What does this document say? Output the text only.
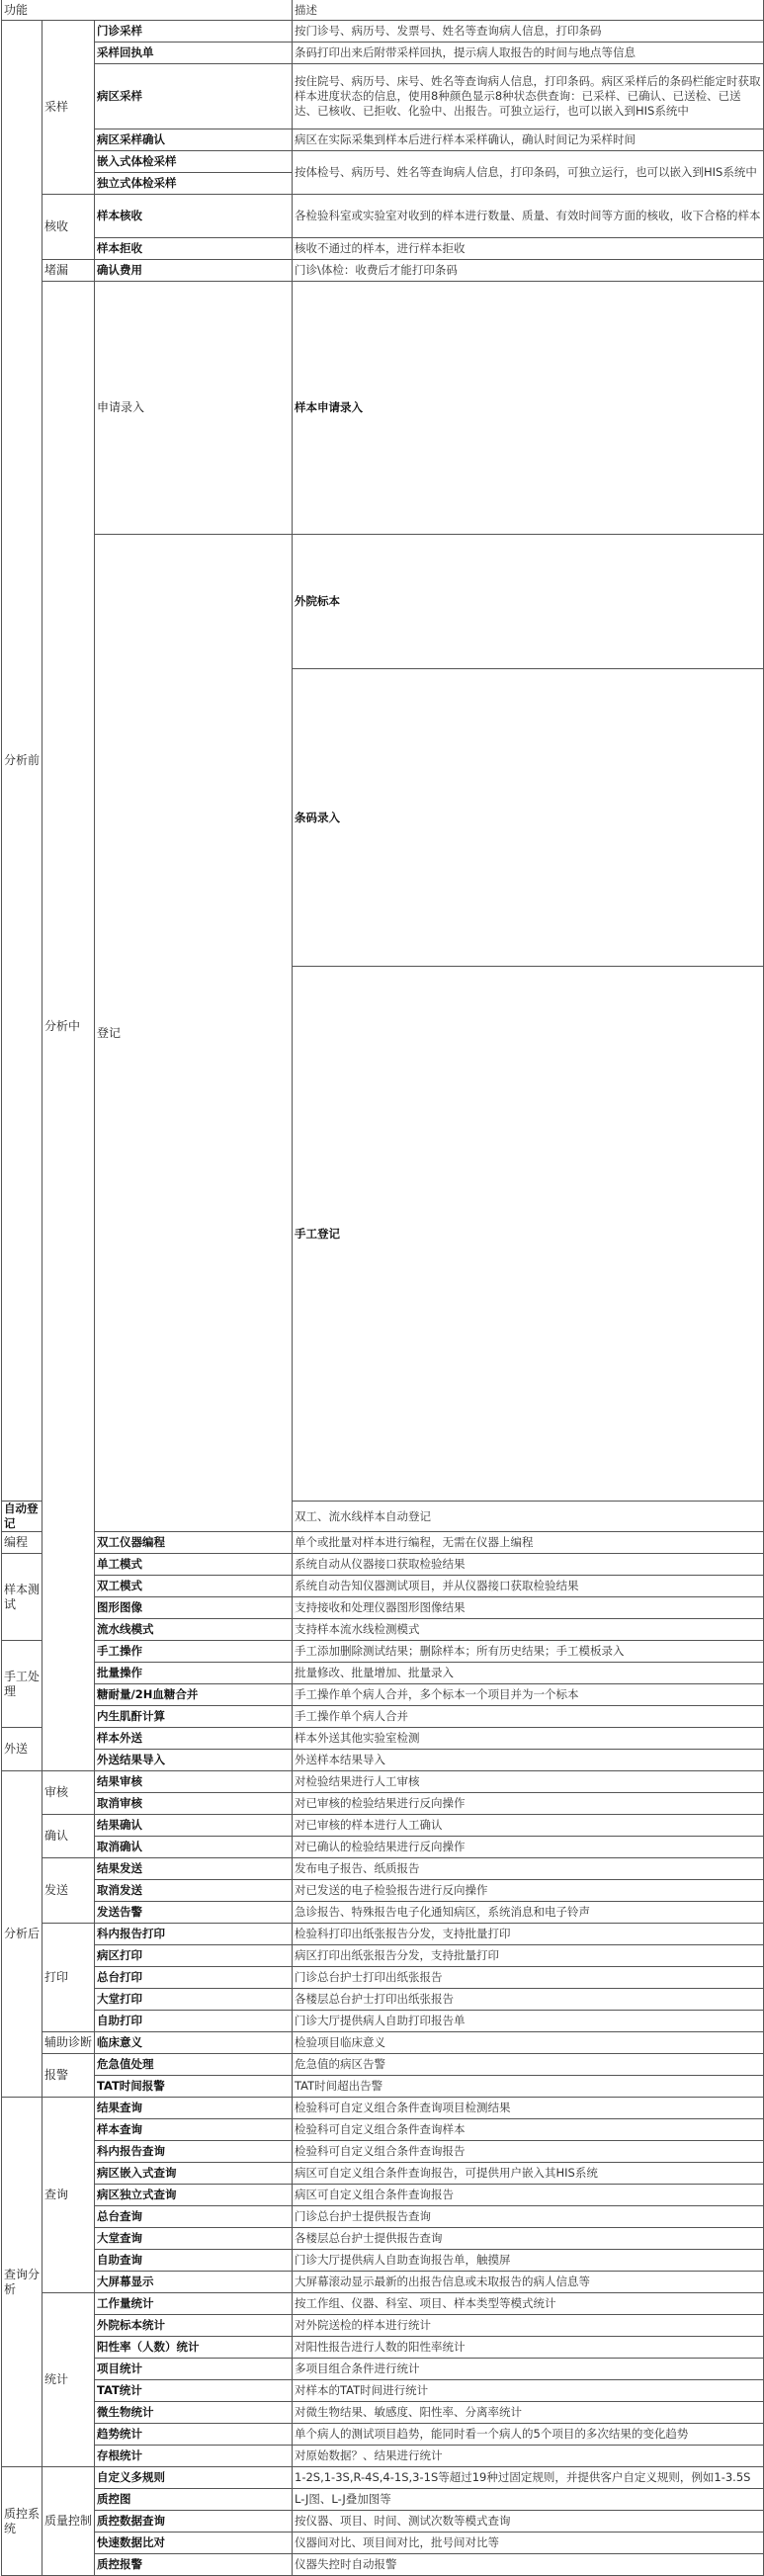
功能			描述	
分析前	采样	门诊采样	按门诊号、病历号、发票号、姓名等查询病人信息，打印条码	
		采样回执单	条码打印出来后附带采样回执，提示病人取报告的时间与地点等信息	
		病区采样	按住院号、病历号、床号、姓名等查询病人信息，打印条码。病区采样后的条码栏能定时获取样本进度状态的信息，使用8种颜色显示8种状态供查询：已采样、已确认、已送检、已送达、已核收、已拒收、化验中、出报告。可独立运行，也可以嵌入到HIS系统中	
		病区采样确认	病区在实际采集到样本后进行样本采样确认，确认时间记为采样时间	
		嵌入式体检采样	按体检号、病历号、姓名等查询病人信息，打印条码，可独立运行，也可以嵌入到HIS系统中	
		独立式体检采样		
	核收	样本核收	各检验科室或实验室对收到的样本进行数量、质量、有效时间等方面的核收，收下合格的样本	
		样本拒收	核收不通过的样本，进行样本拒收	
	堵漏	确认费用	门诊\体检：收费后才能打印条码	
	分析中	申请录入	样本申请录入	
		登记	外院标本	
			条码录入	
			手工登记	
自动登记			双工、流水线样本自动登记	
编程		双工仪器编程	单个或批量对样本进行编程，无需在仪器上编程	
样本测试		单工模式	系统自动从仪器接口获取检验结果	
		双工模式	系统自动告知仪器测试项目，并从仪器接口获取检验结果	
		图形图像	支持接收和处理仪器图形图像结果	
		流水线模式	支持样本流水线检测模式	
手工处理		手工操作	手工添加删除测试结果；删除样本；所有历史结果；手工模板录入	
		批量操作	批量修改、批量增加、批量录入	
		糖耐量/2H血糖合并	手工操作单个病人合并，多个标本一个项目并为一个标本	
		内生肌酐计算	手工操作单个病人合并	
外送		样本外送	样本外送其他实验室检测	
		外送结果导入	外送样本结果导入	
分析后	审核	结果审核	对检验结果进行人工审核	
		取消审核	对已审核的检验结果进行反向操作	
	确认	结果确认	对已审核的样本进行人工确认	
		取消确认	对已确认的检验结果进行反向操作	
	发送	结果发送	发布电子报告、纸质报告	
		取消发送	对已发送的电子检验报告进行反向操作	
		发送告警	急诊报告、特殊报告电子化通知病区，系统消息和电子铃声	
	打印	科内报告打印	检验科打印出纸张报告分发，支持批量打印	
		病区打印	病区打印出纸张报告分发，支持批量打印	
		总台打印	门诊总台护士打印出纸张报告	
		大堂打印	各楼层总台护士打印出纸张报告	
		自助打印	门诊大厅提供病人自助打印报告单	
	辅助诊断	临床意义	检验项目临床意义	
	报警	危急值处理	危急值的病区告警	
		TAT时间报警	TAT时间超出告警	
查询分析	查询	结果查询	检验科可自定义组合条件查询项目检测结果	
		样本查询	检验科可自定义组合条件查询样本	
		科内报告查询	检验科可自定义组合条件查询报告	
		病区嵌入式查询	病区可自定义组合条件查询报告，可提供用户嵌入其HIS系统	
		病区独立式查询	病区可自定义组合条件查询报告	
		总台查询	门诊总台护士提供报告查询	
		大堂查询	各楼层总台护士提供报告查询	
		自助查询	门诊大厅提供病人自助查询报告单，触摸屏	
		大屏幕显示	大屏幕滚动显示最新的出报告信息或未取报告的病人信息等	
	统计	工作量统计	按工作组、仪器、科室、项目、样本类型等模式统计	
		外院标本统计	对外院送检的样本进行统计	
		阳性率（人数）统计	对阳性报告进行人数的阳性率统计	
		项目统计	多项目组合条件进行统计	
		TAT统计	对样本的TAT时间进行统计	
		微生物统计	对微生物结果、敏感度、阳性率、分离率统计	
		趋势统计	单个病人的测试项目趋势，能同时看一个病人的5个项目的多次结果的变化趋势	
		存根统计	对原始数据？、结果进行统计	
质控系统	质量控制	自定义多规则	1-2S,1-3S,R-4S,4-1S,3-1S等超过19种过固定规则，并提供客户自定义规则，例如1-3.5S	
		质控图	L-J图、L-J叠加图等	
		质控数据查询	按仪器、项目、时间、测试次数等模式查询	
		快速数据比对	仪器间对比、项目间对比，批号间对比等	
		质控报警	仪器失控时自动报警	
